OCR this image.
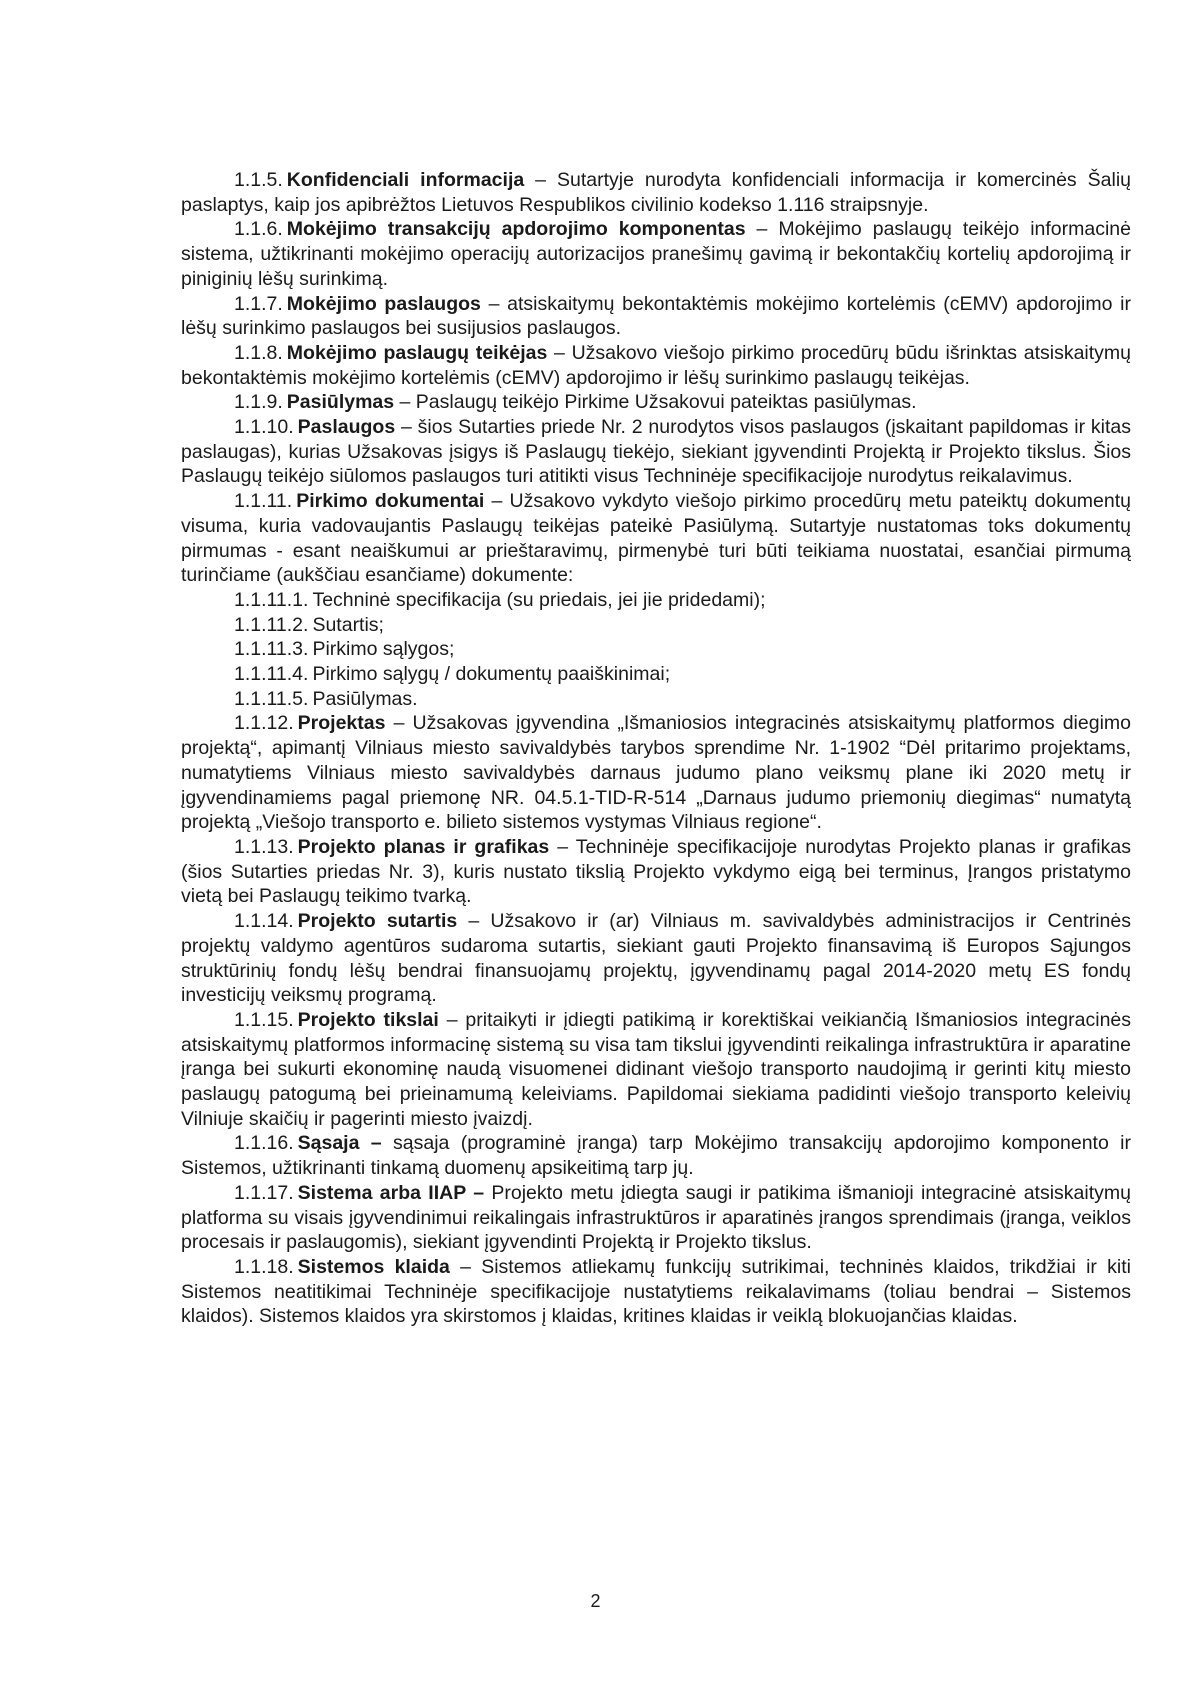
1.1.5. Konfidenciali informacija – Sutartyje nurodyta konfidenciali informacija ir komercinės Šalių paslaptys, kaip jos apibrėžtos Lietuvos Respublikos civilinio kodekso 1.116 straipsnyje.

1.1.6. Mokėjimo transakcijų apdorojimo komponentas – Mokėjimo paslaugų teikėjo informacinė sistema, užtikrinanti mokėjimo operacijų autorizacijos pranešimų gavimą ir bekontakčių kortelių apdorojimą ir piniginių lėšų surinkimą.

1.1.7. Mokėjimo paslaugos – atsiskaitymų bekontaktėmis mokėjimo kortelėmis (cEMV) apdorojimo ir lėšų surinkimo paslaugos bei susijusios paslaugos.

1.1.8. Mokėjimo paslaugų teikėjas – Užsakovo viešojo pirkimo procedūrų būdu išrinktas atsiskaitymų bekontaktėmis mokėjimo kortelėmis (cEMV) apdorojimo ir lėšų surinkimo paslaugų teikėjas.

1.1.9. Pasiūlymas – Paslaugų teikėjo Pirkime Užsakovui pateiktas pasiūlymas.

1.1.10. Paslaugos – šios Sutarties priede Nr. 2 nurodytos visos paslaugos (įskaitant papildomas ir kitas paslaugas), kurias Užsakovas įsigys iš Paslaugų tiekėjo, siekiant įgyvendinti Projektą ir Projekto tikslus. Šios Paslaugų teikėjo siūlomos paslaugos turi atitikti visus Techninėje specifikacijoje nurodytus reikalavimus.

1.1.11. Pirkimo dokumentai – Užsakovo vykdyto viešojo pirkimo procedūrų metu pateiktų dokumentų visuma, kuria vadovaujantis Paslaugų teikėjas pateikė Pasiūlymą. Sutartyje nustatomas toks dokumentų pirmumas - esant neaiškumui ar prieštaravimų, pirmenybė turi būti teikiama nuostatai, esančiai pirmumą turinčiame (aukščiau esančiame) dokumente:

1.1.11.1. Techninė specifikacija (su priedais, jei jie pridedami);

1.1.11.2. Sutartis;

1.1.11.3. Pirkimo sąlygos;

1.1.11.4. Pirkimo sąlygų / dokumentų paaiškinimai;

1.1.11.5. Pasiūlymas.

1.1.12. Projektas – Užsakovas įgyvendina „Išmaniosios integracinės atsiskaitymų platformos diegimo projektą“, apimantį Vilniaus miesto savivaldybės tarybos sprendime Nr. 1-1902 “Dėl pritarimo projektams, numatytiems Vilniaus miesto savivaldybės darnaus judumo plano veiksmų plane iki 2020 metų ir įgyvendinamiems pagal priemonę NR. 04.5.1-TID-R-514 „Darnaus judumo priemonių diegimas“ numatytą projektą „Viešojo transporto e. bilieto sistemos vystymas Vilniaus regione“.

1.1.13. Projekto planas ir grafikas – Techninėje specifikacijoje nurodytas Projekto planas ir grafikas (šios Sutarties priedas Nr. 3), kuris nustato tikslią Projekto vykdymo eigą bei terminus, Įrangos pristatymo vietą bei Paslaugų teikimo tvarką.

1.1.14. Projekto sutartis – Užsakovo ir (ar) Vilniaus m. savivaldybės administracijos ir Centrinės projektų valdymo agentūros sudaroma sutartis, siekiant gauti Projekto finansavimą iš Europos Sąjungos struktūrinių fondų lėšų bendrai finansuojamų projektų, įgyvendinamų pagal 2014-2020 metų ES fondų investicijų veiksmų programą.

1.1.15. Projekto tikslai – pritaikyti ir įdiegti patikimą ir korektiškai veikiančią Išmaniosios integracinės atsiskaitymų platformos informacinę sistemą su visa tam tikslui įgyvendinti reikalinga infrastruktūra ir aparatine įranga bei sukurti ekonominę naudą visuomenei didinant viešojo transporto naudojimą ir gerinti kitų miesto paslaugų patogumą bei prieinamumą keleiviams. Papildomai siekiama padidinti viešojo transporto keleivių Vilniuje skaičių ir pagerinti miesto įvaizdį.

1.1.16. Sąsaja – sąsaja (programinė įranga) tarp Mokėjimo transakcijų apdorojimo komponento ir Sistemos, užtikrinanti tinkamą duomenų apsikeitimą tarp jų.

1.1.17. Sistema arba IIAP – Projekto metu įdiegta saugi ir patikima išmanioji integracinė atsiskaitymų platforma su visais įgyvendinimui reikalingais infrastruktūros ir aparatinės įrangos sprendimais (įranga, veiklos procesais ir paslaugomis), siekiant įgyvendinti Projektą ir Projekto tikslus.

1.1.18. Sistemos klaida – Sistemos atliekamų funkcijų sutrikimai, techninės klaidos, trikdžiai ir kiti Sistemos neatitikimai Techninėje specifikacijoje nustatytiems reikalavimams (toliau bendrai – Sistemos klaidos). Sistemos klaidos yra skirstomos į klaidas, kritines klaidas ir veiklą blokuojančias klaidas.

2
